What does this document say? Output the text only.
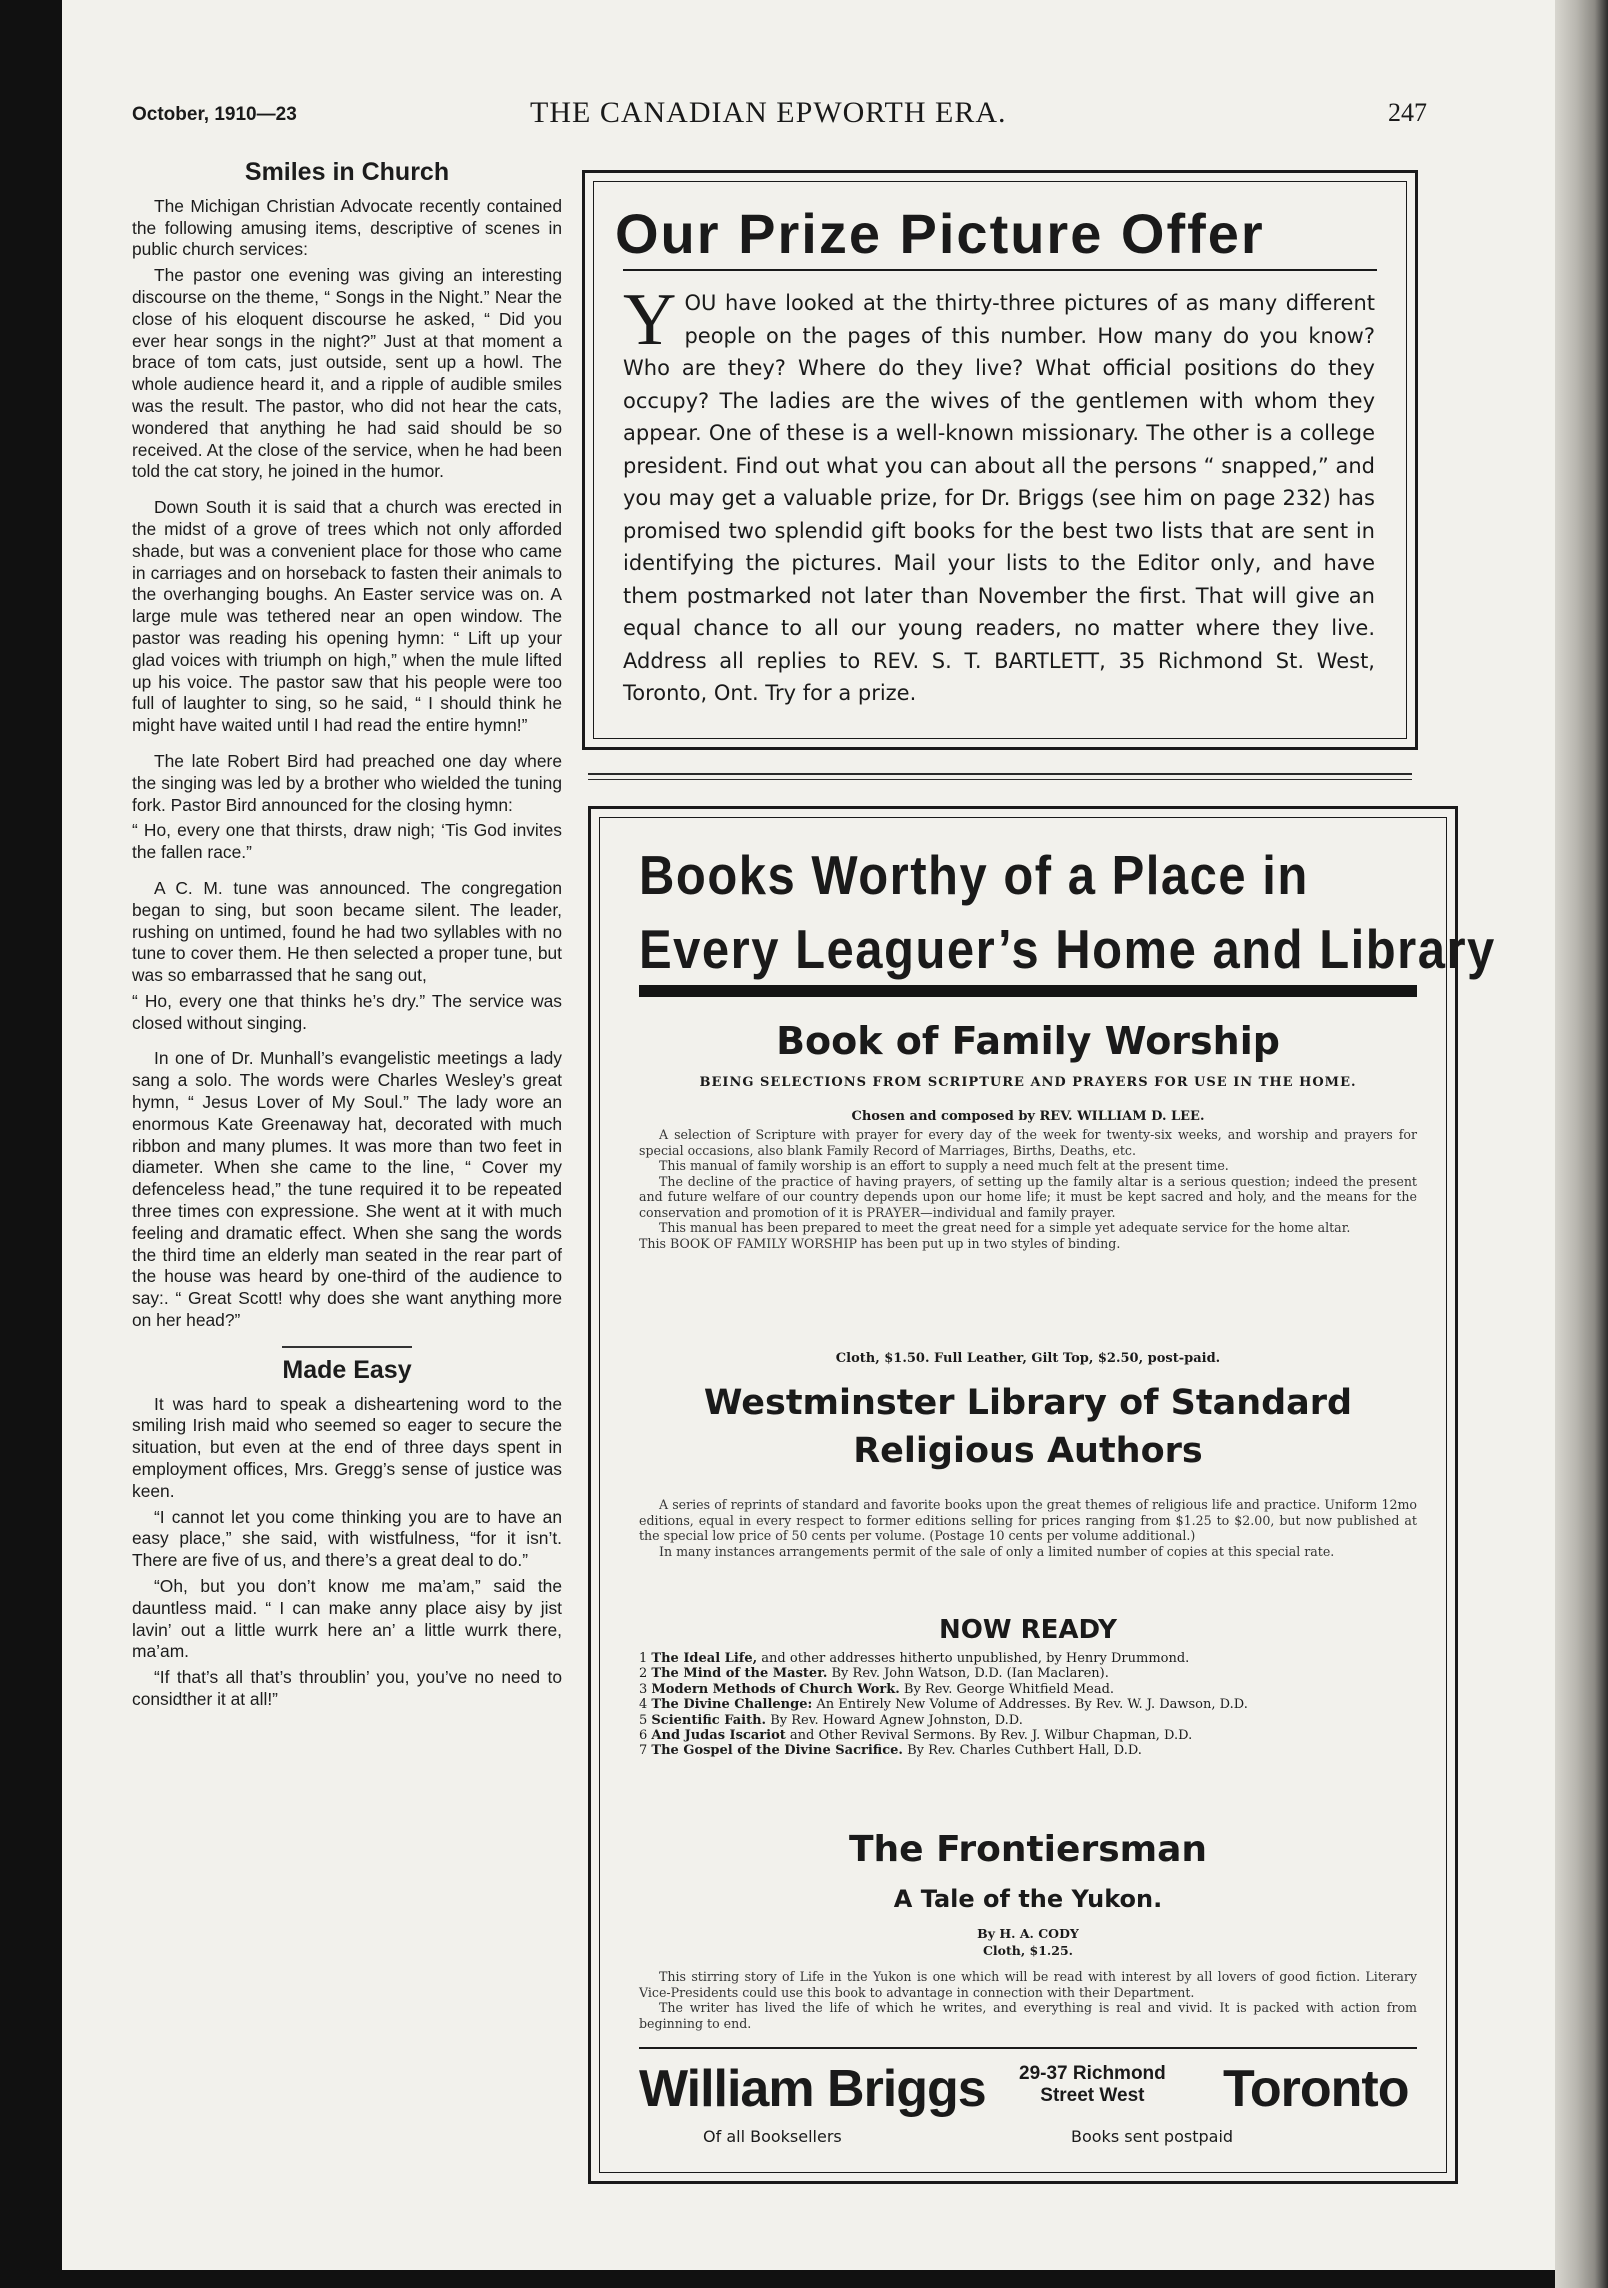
October, 1910—23	THE CANADIAN EPWORTH ERA.	247
Smiles in Church

The Michigan Christian Advocate recently contained the following amusing items, descriptive of scenes in public church services:

The pastor one evening was giving an interesting discourse on the theme, “ Songs in the Night.” Near the close of his eloquent discourse he asked, “ Did you ever hear songs in the night?” Just at that moment a brace of tom cats, just outside, sent up a howl. The whole audience heard it, and a ripple of audible smiles was the result. The pastor, who did not hear the cats, wondered that anything he had said should be so received. At the close of the service, when he had been told the cat story, he joined in the humor.

Down South it is said that a church was erected in the midst of a grove of trees which not only afforded shade, but was a convenient place for those who came in carriages and on horseback to fasten their animals to the overhanging boughs. An Easter service was on. A large mule was tethered near an open window. The pastor was reading his opening hymn: “ Lift up your glad voices with triumph on high,” when the mule lifted up his voice. The pastor saw that his people were too full of laughter to sing, so he said, “ I should think he might have waited until I had read the entire hymn!”

The late Robert Bird had preached one day where the singing was led by a brother who wielded the tuning fork. Pastor Bird announced for the closing hymn:

“ Ho, every one that thirsts, draw nigh; ‘Tis God invites the fallen race.”

A C. M. tune was announced. The congregation began to sing, but soon became silent. The leader, rushing on untimed, found he had two syllables with no tune to cover them. He then selected a proper tune, but was so embarrassed that he sang out,

“ Ho, every one that thinks he’s dry.” The service was closed without singing.

In one of Dr. Munhall’s evangelistic meetings a lady sang a solo. The words were Charles Wesley’s great hymn, “ Jesus Lover of My Soul.” The lady wore an enormous Kate Greenaway hat, decorated with much ribbon and many plumes. It was more than two feet in diameter. When she came to the line, “ Cover my defenceless head,” the tune required it to be repeated three times con expressione. She went at it with much feeling and dramatic effect. When she sang the words the third time an elderly man seated in the rear part of the house was heard by one-third of the audience to say:. “ Great Scott! why does she want anything more on her head?”

Made Easy

It was hard to speak a disheartening word to the smiling Irish maid who seemed so eager to secure the situation, but even at the end of three days spent in employment offices, Mrs. Gregg’s sense of justice was keen.

“I cannot let you come thinking you are to have an easy place,” she said, with wistfulness, “for it isn’t. There are five of us, and there’s a great deal to do.”

“Oh, but you don’t know me ma’am,” said the dauntless maid. “ I can make anny place aisy by jist lavin’ out a little wurrk here an’ a little wurrk there, ma’am.

“If that’s all that’s throublin’ you, you’ve no need to considther it at all!”

Our Prize Picture Offer
YOU have looked at the thirty-three pictures of as many different people on the pages of this number. How many do you know? Who are they? Where do they live? What official positions do they occupy? The ladies are the wives of the gentlemen with whom they appear. One of these is a well-known missionary. The other is a college president. Find out what you can about all the persons “ snapped,” and you may get a valuable prize, for Dr. Briggs (see him on page 232) has promised two splendid gift books for the best two lists that are sent in identifying the pictures. Mail your lists to the Editor only, and have them postmarked not later than November the first. That will give an equal chance to all our young readers, no matter where they live. Address all replies to REV. S. T. BARTLETT, 35 Richmond St. West, Toronto, Ont. Try for a prize.
Books Worthy of a Place in
Every Leaguer’s Home and Library
Book of Family Worship
BEING SELECTIONS FROM SCRIPTURE AND PRAYERS FOR USE IN THE HOME.
Chosen and composed by REV. WILLIAM D. LEE.

A selection of Scripture with prayer for every day of the week for twenty-six weeks, and worship and prayers for special occasions, also blank Family Record of Marriages, Births, Deaths, etc.

This manual of family worship is an effort to supply a need much felt at the present time.

The decline of the practice of having prayers, of setting up the family altar is a serious question; indeed the present and future welfare of our country depends upon our home life; it must be kept sacred and holy, and the means for the conservation and promotion of it is PRAYER—individual and family prayer.

This manual has been prepared to meet the great need for a simple yet adequate service for the home altar.

This BOOK OF FAMILY WORSHIP has been put up in two styles of binding.

Cloth, $1.50. Full Leather, Gilt Top, $2.50, post-paid.
Westminster Library of Standard
Religious Authors

A series of reprints of standard and favorite books upon the great themes of religious life and practice. Uniform 12mo editions, equal in every respect to former editions selling for prices ranging from $1.25 to $2.00, but now published at the special low price of 50 cents per volume. (Postage 10 cents per volume additional.)

In many instances arrangements permit of the sale of only a limited number of copies at this special rate.

NOW READY
1 The Ideal Life, and other addresses hitherto unpublished, by Henry Drummond.
2 The Mind of the Master. By Rev. John Watson, D.D. (Ian Maclaren).
3 Modern Methods of Church Work. By Rev. George Whitfield Mead.
4 The Divine Challenge: An Entirely New Volume of Addresses. By Rev. W. J. Dawson, D.D.
5 Scientific Faith. By Rev. Howard Agnew Johnston, D.D.
6 And Judas Iscariot and Other Revival Sermons. By Rev. J. Wilbur Chapman, D.D.
7 The Gospel of the Divine Sacrifice. By Rev. Charles Cuthbert Hall, D.D.
The Frontiersman
A Tale of the Yukon.
By H. A. CODY
Cloth, $1.25.

This stirring story of Life in the Yukon is one which will be read with interest by all lovers of good fiction. Literary Vice-Presidents could use this book to advantage in connection with their Department.

The writer has lived the life of which he writes, and everything is real and vivid. It is packed with action from beginning to end.

William Briggs 29-37 Richmond
Street West	Toronto
Of all Booksellers	Books sent postpaid
